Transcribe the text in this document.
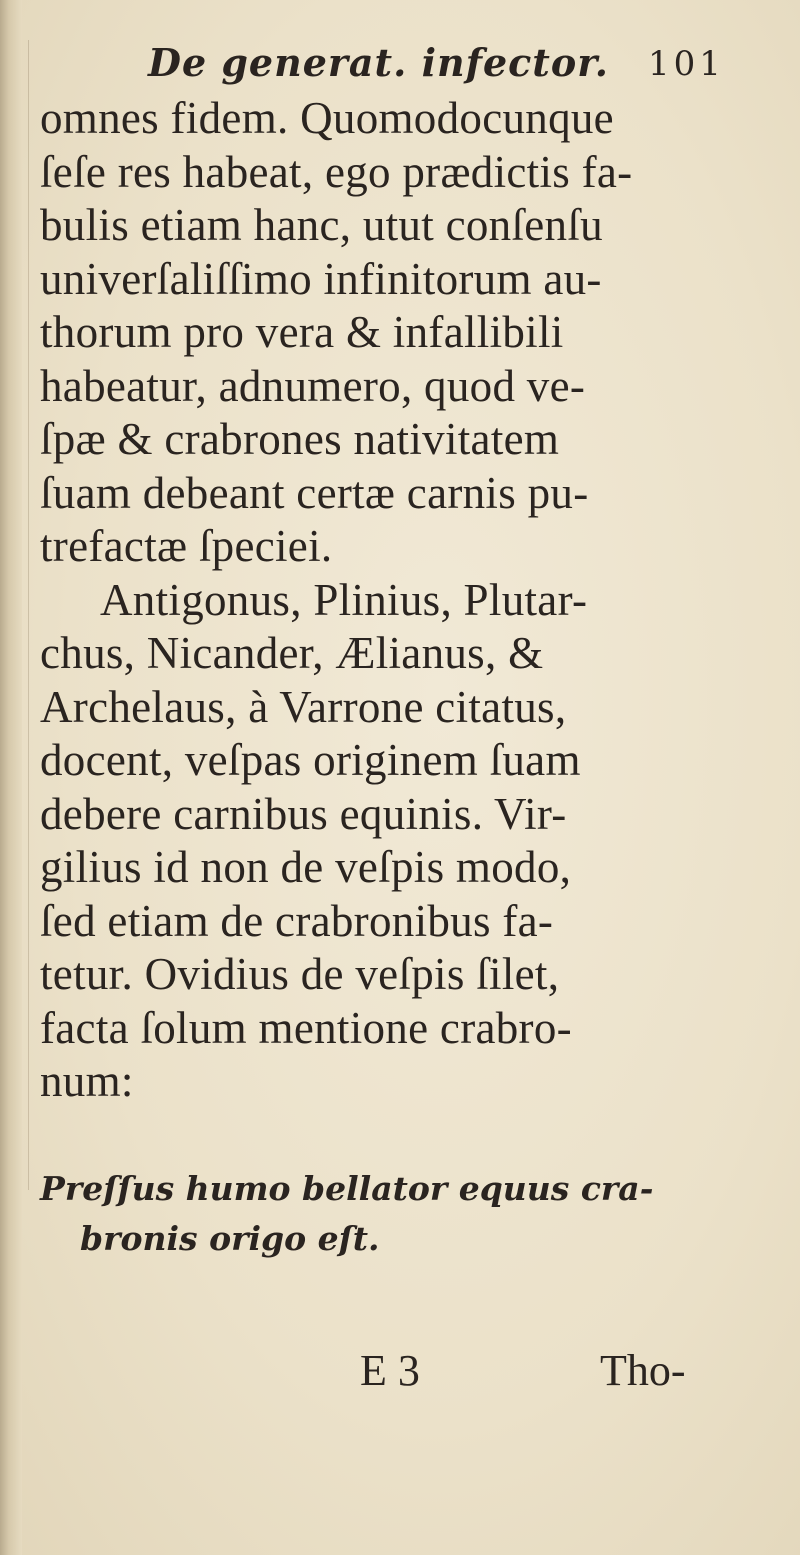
De generat. infector. 101
omnes fidem. Quomodocunque
ſeſe res habeat, ego prædictis fa-
bulis etiam hanc, utut conſenſu
univerſaliſſimo infinitorum au-
thorum pro vera & infallibili
habeatur, adnumero, quod ve-
ſpæ & crabrones nativitatem
ſuam debeant certæ carnis pu-
trefactæ ſpeciei.
Antigonus, Plinius, Plutar-
chus, Nicander, Ælianus, &
Archelaus, à Varrone citatus,
docent, veſpas originem ſuam
debere carnibus equinis. Vir-
gilius id non de veſpis modo,
ſed etiam de crabronibus fa-
tetur. Ovidius de veſpis ſilet,
facta ſolum mentione crabro-
num:
Preſſus humo bellator equus cra-
bronis origo eſt.
E 3	Tho-
